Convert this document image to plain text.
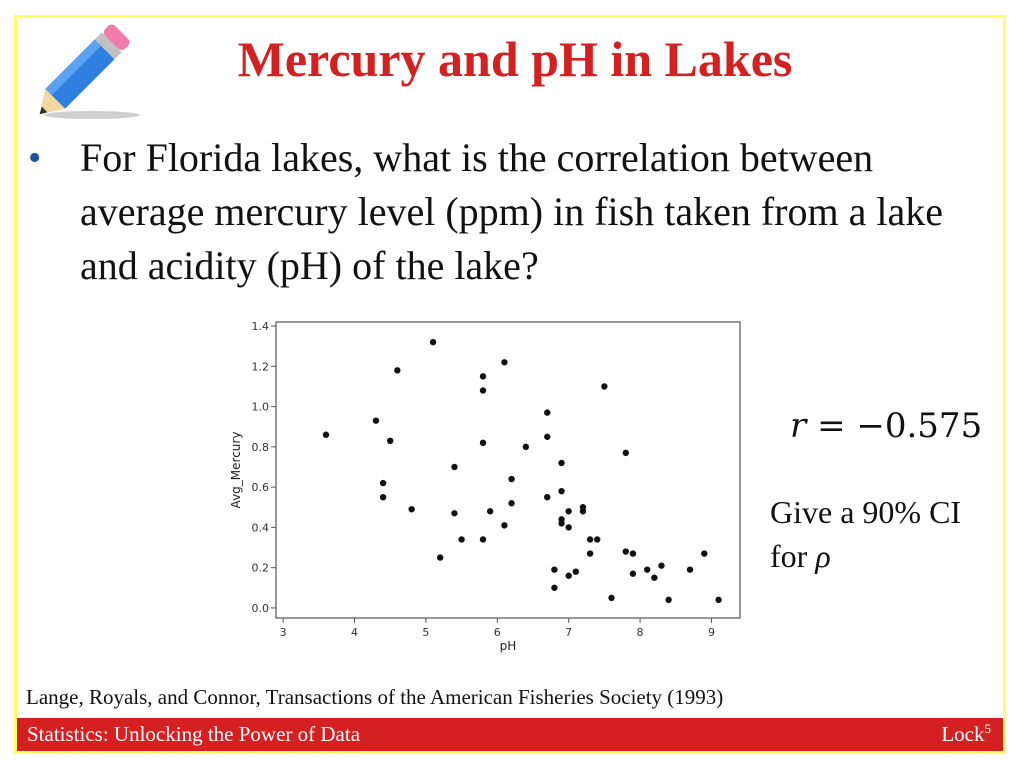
Mercury and pH in Lakes
• For Florida lakes, what is the correlation between average mercury level (ppm) in fish taken from a lake and acidity (pH) of the lake?
3	4	5	6	7	8	9
0.0
0.2
0.4
0.6
0.8
1.0
1.2
1.4
pH
Avg_Mercury
r = −0.575
Give a 90% CI for ρ
Lange, Royals, and Connor, Transactions of the American Fisheries Society (1993)
Statistics: Unlocking the Power of Data	Lock$^5$
